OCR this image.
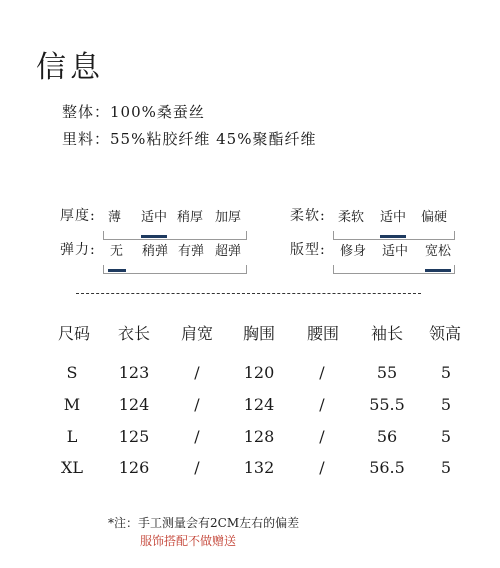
信息
整体：100%桑蚕丝
里料：55%粘胶纤维 45%聚酯纤维
厚度: 薄 适中 稍厚 加厚	柔软: 柔软 适中 偏硬
弹力: 无 稍弹 有弹 超弹	版型: 修身 适中 宽松
尺码 衣长 肩宽 胸围 腰围 袖长 领高
S	123	/	120	/	55	5
M 124	/	124	/	55.5 5
L	125	/	128	/	56	5
XL 126	/	132	/	56.5 5
*注：手工测量会有2CM左右的偏差
服饰搭配不做赠送
